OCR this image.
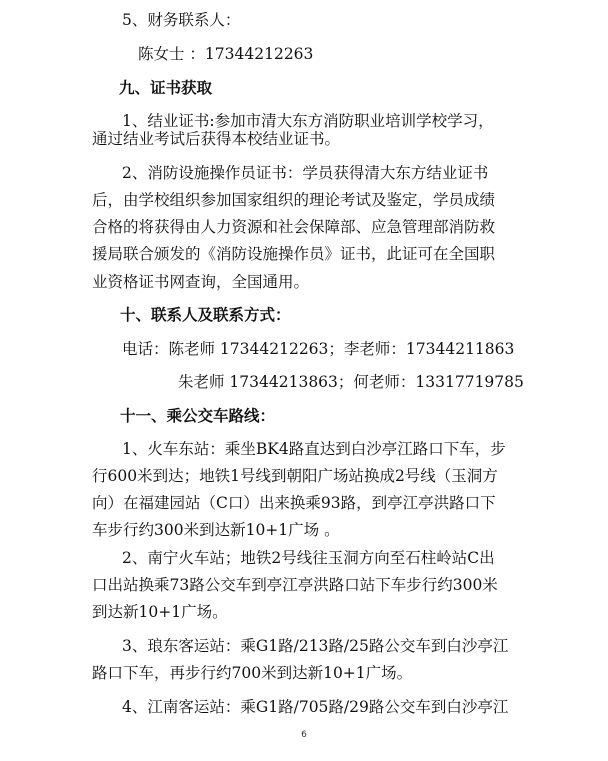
5、财务联系人：
陈女士 ：17344212263
九、证书获取
1、结业证书:参加市清大东方消防职业培训学校学习，
通过结业考试后获得本校结业证书。
2、消防设施操作员证书：学员获得清大东方结业证书
后，由学校组织参加国家组织的理论考试及鉴定，学员成绩
合格的将获得由人力资源和社会保障部、应急管理部消防救
援局联合颁发的《消防设施操作员》证书，此证可在全国职
业资格证书网查询，全国通用。
十、联系人及联系方式：
电话：陈老师 17344212263；李老师：17344211863
朱老师 17344213863；何老师：13317719785
十一、乘公交车路线：
1、火车东站：乘坐BK4路直达到白沙亭江路口下车，步
行600米到达；地铁1号线到朝阳广场站换成2号线（玉洞方
向）在福建园站（C口）出来换乘93路，到亭江亭洪路口下
车步行约300米到达新10+1广场 。
2、南宁火车站；地铁2号线往玉洞方向至石柱岭站C出
口出站换乘73路公交车到亭江亭洪路口站下车步行约300米
到达新10+1广场。
3、琅东客运站：乘G1路/213路/25路公交车到白沙亭江
路口下车，再步行约700米到达新10+1广场。
4、江南客运站：乘G1路/705路/29路公交车到白沙亭江
6
